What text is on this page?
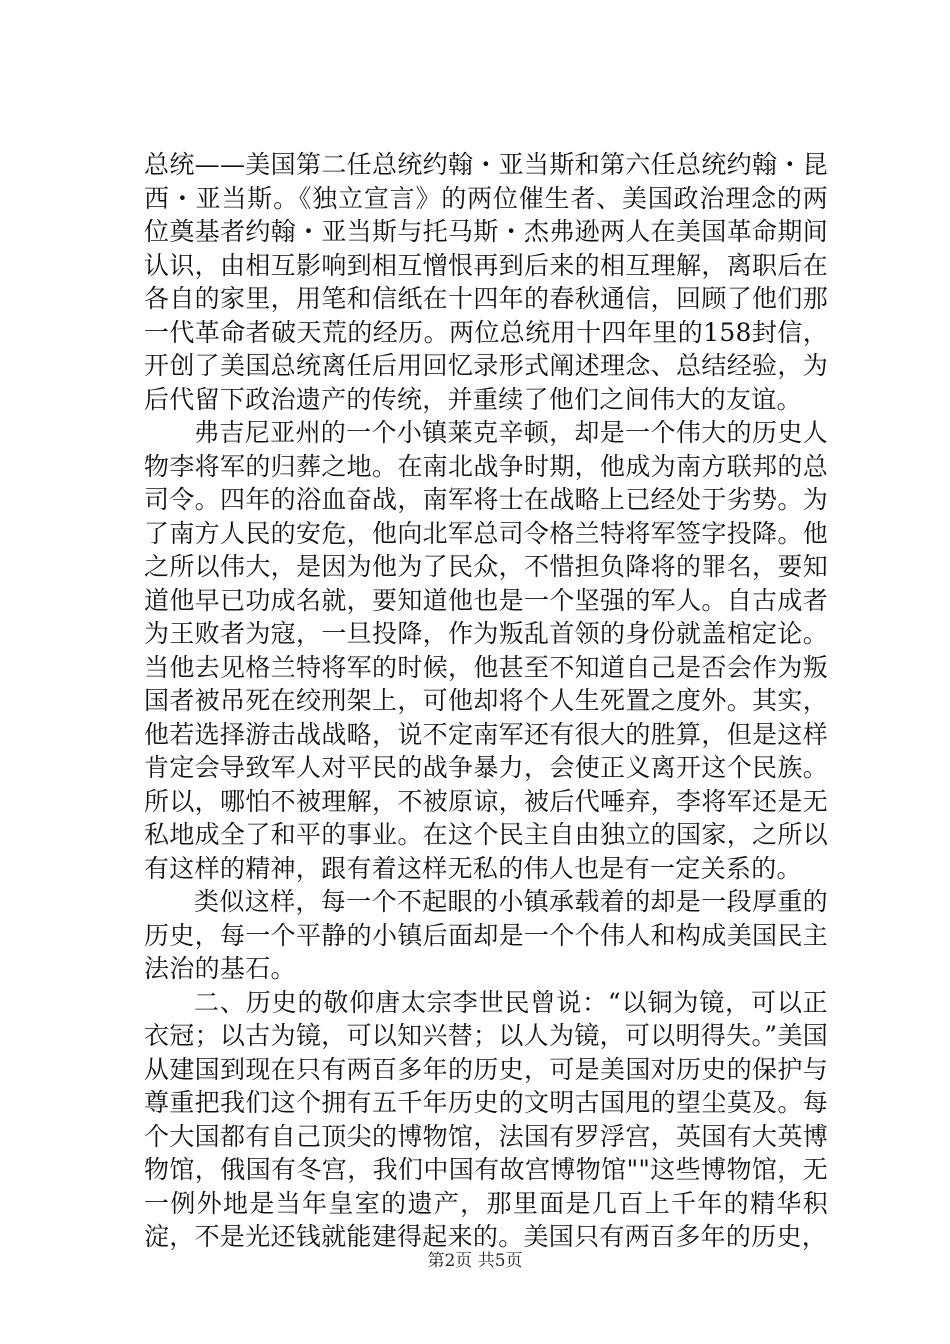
总统——美国第二任总统约翰・亚当斯和第六任总统约翰・昆西・亚当斯。《独立宣言》的两位催生者、美国政治理念的两位奠基者约翰・亚当斯与托马斯・杰弗逊两人在美国革命期间认识，由相互影响到相互憎恨再到后来的相互理解，离职后在各自的家里，用笔和信纸在十四年的春秋通信，回顾了他们那一代革命者破天荒的经历。两位总统用十四年里的158封信，开创了美国总统离任后用回忆录形式阐述理念、总结经验，为后代留下政治遗产的传统，并重续了他们之间伟大的友谊。

弗吉尼亚州的一个小镇莱克辛顿，却是一个伟大的历史人物李将军的归葬之地。在南北战争时期，他成为南方联邦的总司令。四年的浴血奋战，南军将士在战略上已经处于劣势。为了南方人民的安危，他向北军总司令格兰特将军签字投降。他之所以伟大，是因为他为了民众，不惜担负降将的罪名，要知道他早已功成名就，要知道他也是一个坚强的军人。自古成者为王败者为寇，一旦投降，作为叛乱首领的身份就盖棺定论。当他去见格兰特将军的时候，他甚至不知道自己是否会作为叛国者被吊死在绞刑架上，可他却将个人生死置之度外。其实，他若选择游击战战略，说不定南军还有很大的胜算，但是这样肯定会导致军人对平民的战争暴力，会使正义离开这个民族。所以，哪怕不被理解，不被原谅，被后代唾弃，李将军还是无私地成全了和平的事业。在这个民主自由独立的国家，之所以有这样的精神，跟有着这样无私的伟人也是有一定关系的。

类似这样，每一个不起眼的小镇承载着的却是一段厚重的历史，每一个平静的小镇后面却是一个个伟人和构成美国民主法治的基石。

二、历史的敬仰唐太宗李世民曾说：“以铜为镜，可以正衣冠；以古为镜，可以知兴替；以人为镜，可以明得失。”美国从建国到现在只有两百多年的历史，可是美国对历史的保护与尊重把我们这个拥有五千年历史的文明古国甩的望尘莫及。每个大国都有自己顶尖的博物馆，法国有罗浮宫，英国有大英博物馆，俄国有冬宫，我们中国有故宫博物馆""这些博物馆，无一例外地是当年皇室的遗产，那里面是几百上千年的精华积淀，不是光还钱就能建得起来的。美国只有两百多年的历史，

第2页 共5页
